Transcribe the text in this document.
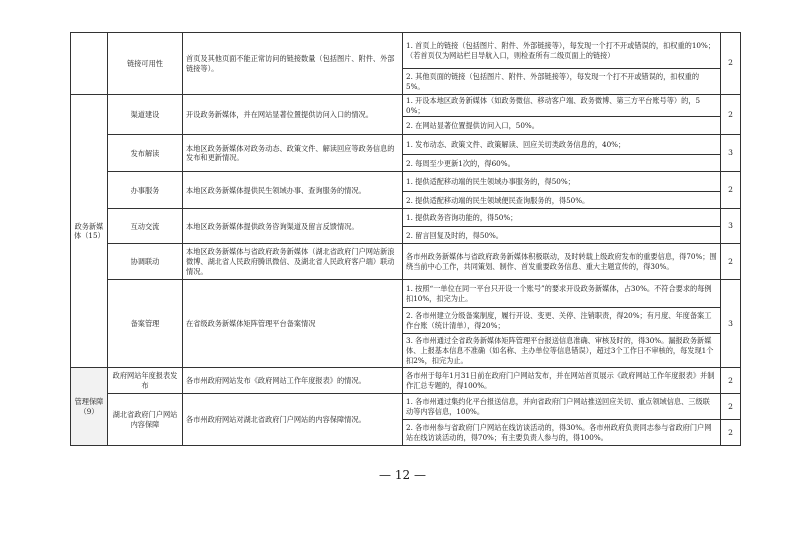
	链接可用性	首页及其他页面不能正常访问的链接数量（包括图片、附件、外部链接等）。	1. 首页上的链接（包括图片、附件、外部链接等），每发现一个打不开或错误的，扣权重的10%；（若首页仅为网站栏目导航入口，则检查所有二级页面上的链接）	2
			2. 其他页面的链接（包括图片、附件、外部链接等），每发现一个打不开或错误的，扣权重的5%。	
政务新媒体（15）	渠道建设	开设政务新媒体，并在网站显著位置提供访问入口的情况。	1. 开设本地区政务新媒体（如政务微信、移动客户端、政务微博、第三方平台账号等）的，50%；	2
			2. 在网站显著位置提供访问入口，50%。	
	发布解读	本地区政务新媒体对政务动态、政策文件、解读回应等政务信息的发布和更新情况。	1. 发布动态、政策文件、政策解读、回应关切类政务信息的，40%；	3
			2. 每周至少更新1次的，得60%。	
	办事服务	本地区政务新媒体提供民生领域办事、查询服务的情况。	1. 提供适配移动端的民生领域办事服务的，得50%；	2
			2. 提供适配移动端的民生领域便民查询服务的，得50%。	
	互动交流	本地区政务新媒体提供政务咨询渠道及留言反馈情况。	1. 提供政务咨询功能的，得50%；	3
			2. 留言回复及时的，得50%。	
	协调联动	本地区政务新媒体与省政府政务新媒体（湖北省政府门户网站新浪微博、湖北省人民政府腾讯微信、及湖北省人民政府客户端）联动情况。	各市州政务新媒体与省政府政务新媒体积极联动，及时转载上级政府发布的重要信息，得70%；围绕当前中心工作，共同策划、制作、首发重要政务信息、重大主题宣传的，得30%。	2
	备案管理	在省级政务新媒体矩阵管理平台备案情况	1. 按照“一单位在同一平台只开设一个账号”的要求开设政务新媒体，占30%。不符合要求的每例扣10%，扣完为止。	3
			2. 各市州建立分级备案制度，履行开设、变更、关停、注销职责，得20%；有月度、年度备案工作台账（统计清单），得20%；	
			3. 各市州通过全省政务新媒体矩阵管理平台报送信息准确、审核及时的，得30%。漏报政务新媒体、上报基本信息不准确（如名称、主办单位等信息错误），超过3个工作日不审核的，每发现1个扣2%，扣完为止。	
管理保障（9）	政府网站年度报表发布	各市州政府网站发布《政府网站工作年度报表》的情况。	各市州于每年1月31日前在政府门户网站发布，并在网站首页展示《政府网站工作年度报表》并制作汇总专题的，得100%。	2
	湖北省政府门户网站内容保障	各市州政府网站对湖北省政府门户网站的内容保障情况。	1. 各市州通过集约化平台报送信息，并向省政府门户网站推送回应关切、重点领域信息、三级联动等内容信息，100%。	2
			2. 各市州参与省政府门户网站在线访谈活动的，得30%。各市州政府负责同志参与省政府门户网站在线访谈活动的，得70%；有主要负责人参与的，得100%。	2
— 12 —
